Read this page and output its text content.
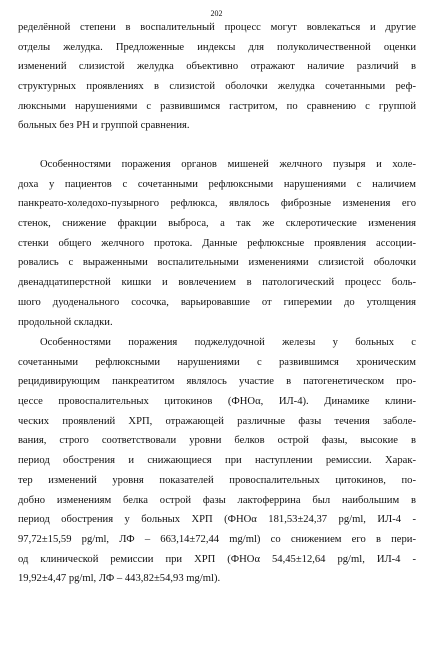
202
ределённой степени в воспалительный процесс могут вовлекаться и другие
отделы желудка. Предложенные индексы для полуколичественной оценки
изменений слизистой желудка объективно отражают наличие различий в
структурных проявлениях в слизистой оболочки желудка сочетанными реф-
люксными нарушениями с развившимся гастритом, по сравнению с группой
больных без РН и группой сравнения.
Особенностями поражения органов мишеней желчного пузыря и холе-
доха у пациентов с сочетанными рефлюксными нарушениями с наличием
панкреато-холедохо-пузырного рефлюкса, являлось фиброзные изменения его
стенок, снижение фракции выброса, а так же склеротические изменения
стенки общего желчного протока. Данные рефлюксные проявления ассоции-
ровались с выраженными воспалительными изменениями слизистой оболочки
двенадцатиперстной кишки и вовлечением в патологический процесс боль-
шого дуоденального сосочка, варьировавшие от гиперемии до утолщения
продольной складки.
Особенностями поражения поджелудочной железы у больных с
сочетанными рефлюксными нарушениями с развившимся хроническим
рецидивирующим панкреатитом являлось участие в патогенетическом про-
цессе провоспалительных цитокинов (ФНОα, ИЛ-4). Динамике клини-
ческих проявлений ХРП, отражающей различные фазы течения заболе-
вания, строго соответствовали уровни белков острой фазы, высокие в
период обострения и снижающиеся при наступлении ремиссии. Харак-
тер изменений уровня показателей провоспалительных цитокинов, по-
добно изменениям белка острой фазы лактоферрина был наибольшим в
период обострения у больных ХРП (ФНОα 181,53±24,37 pg/ml, ИЛ-4 -
97,72±15,59 pg/ml, ЛФ – 663,14±72,44 mg/ml) со снижением его в пери-
од клинической ремиссии при ХРП (ФНОα 54,45±12,64 pg/ml, ИЛ-4 -
19,92±4,47 pg/ml, ЛФ – 443,82±54,93 mg/ml).
